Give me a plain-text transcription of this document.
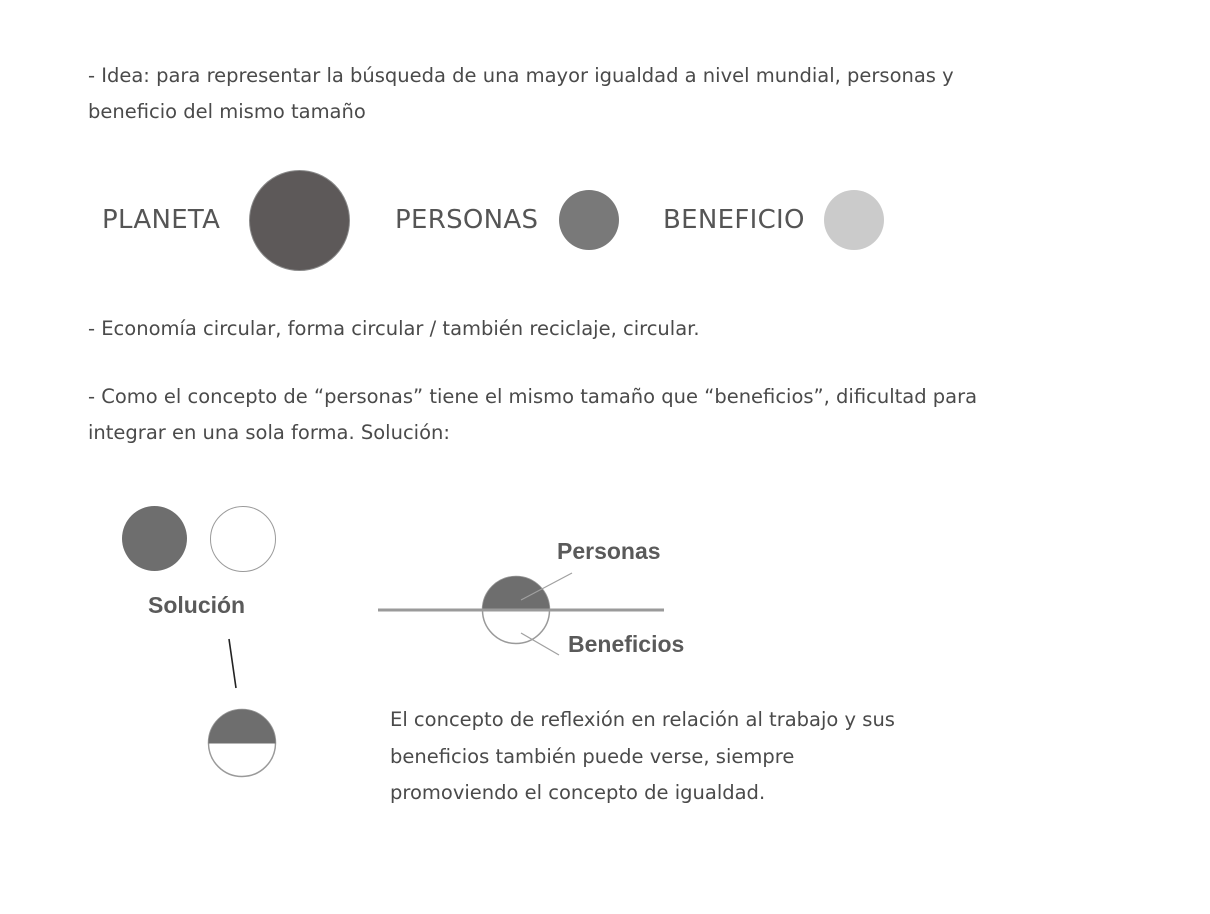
- Idea: para representar la búsqueda de una mayor igualdad a nivel mundial, personas y
beneficio del mismo tamaño
PLANETA	PERSONAS	BENEFICIO
- Economía circular, forma circular / también reciclaje, circular.
- Como el concepto de “personas” tiene el mismo tamaño que “beneficios”, dificultad para
integrar en una sola forma. Solución:
Solución
Personas
Beneficios
El concepto de reflexión en relación al trabajo y sus
beneficios también puede verse, siempre
promoviendo el concepto de igualdad.
